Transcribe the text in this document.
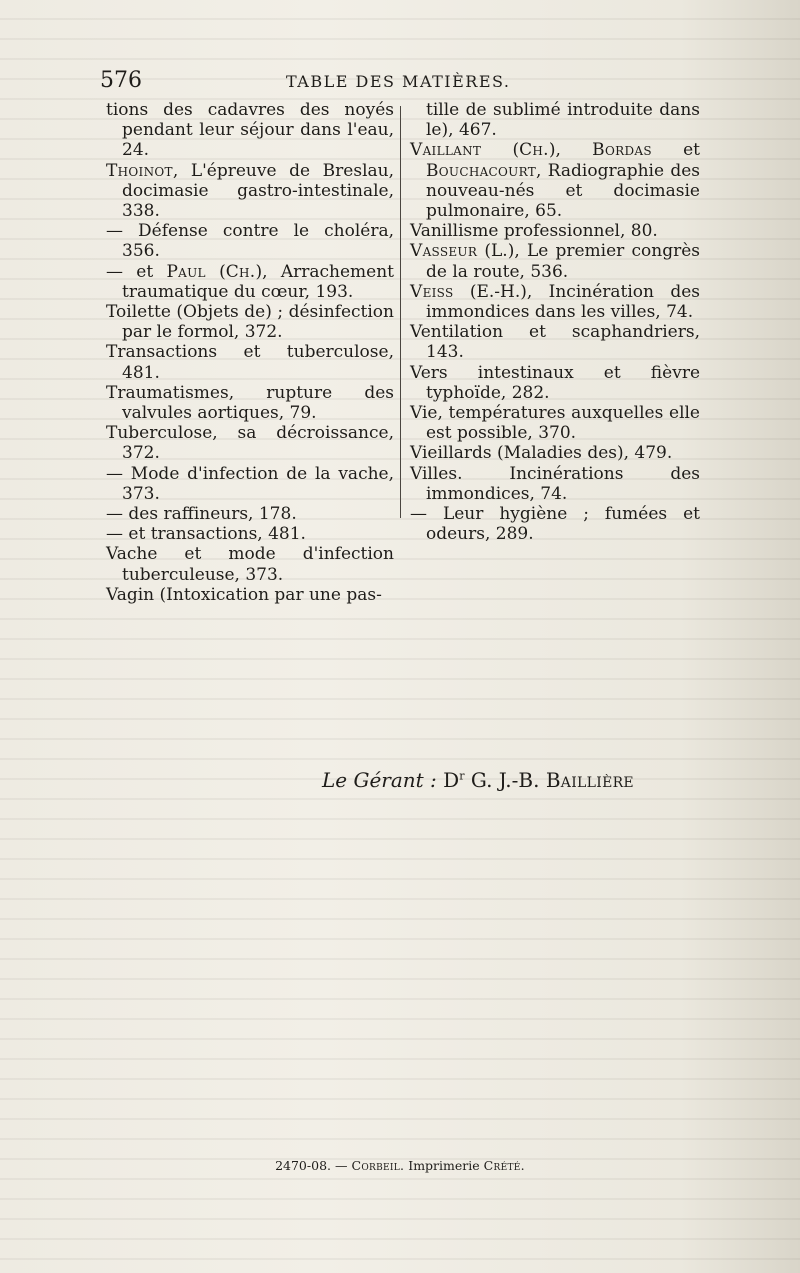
576	TABLE DES MATIÈRES.
tions des cadavres des noyés pendant leur séjour dans l'eau, 24.
Thoinot, L'épreuve de Breslau, docimasie gastro-intestinale, 338.
— Défense contre le choléra, 356.
— et Paul (Ch.), Arrachement traumatique du cœur, 193.
Toilette (Objets de) ; désinfection par le formol, 372.
Transactions et tuberculose, 481.
Traumatismes, rupture des valvules aortiques, 79.
Tuberculose, sa décroissance, 372.
— Mode d'infection de la vache, 373.
— des raffineurs, 178.
— et transactions, 481.
Vache et mode d'infection tuberculeuse, 373.
Vagin (Intoxication par une pas-
tille de sublimé introduite dans le), 467.
Vaillant (Ch.), Bordas et Bouchacourt, Radiographie des nouveau-nés et docimasie pulmonaire, 65.
Vanillisme professionnel, 80.
Vasseur (L.), Le premier congrès de la route, 536.
Veiss (E.-H.), Incinération des immondices dans les villes, 74.
Ventilation et scaphandriers, 143.
Vers intestinaux et fièvre typhoïde, 282.
Vie, températures auxquelles elle est possible, 370.
Vieillards (Maladies des), 479.
Villes. Incinérations des immondices, 74.
— Leur hygiène ; fumées et odeurs, 289.
Le Gérant : $D^r$ G. J.-B. Baillière
2470-08. — Corbeil. Imprimerie Crété.
